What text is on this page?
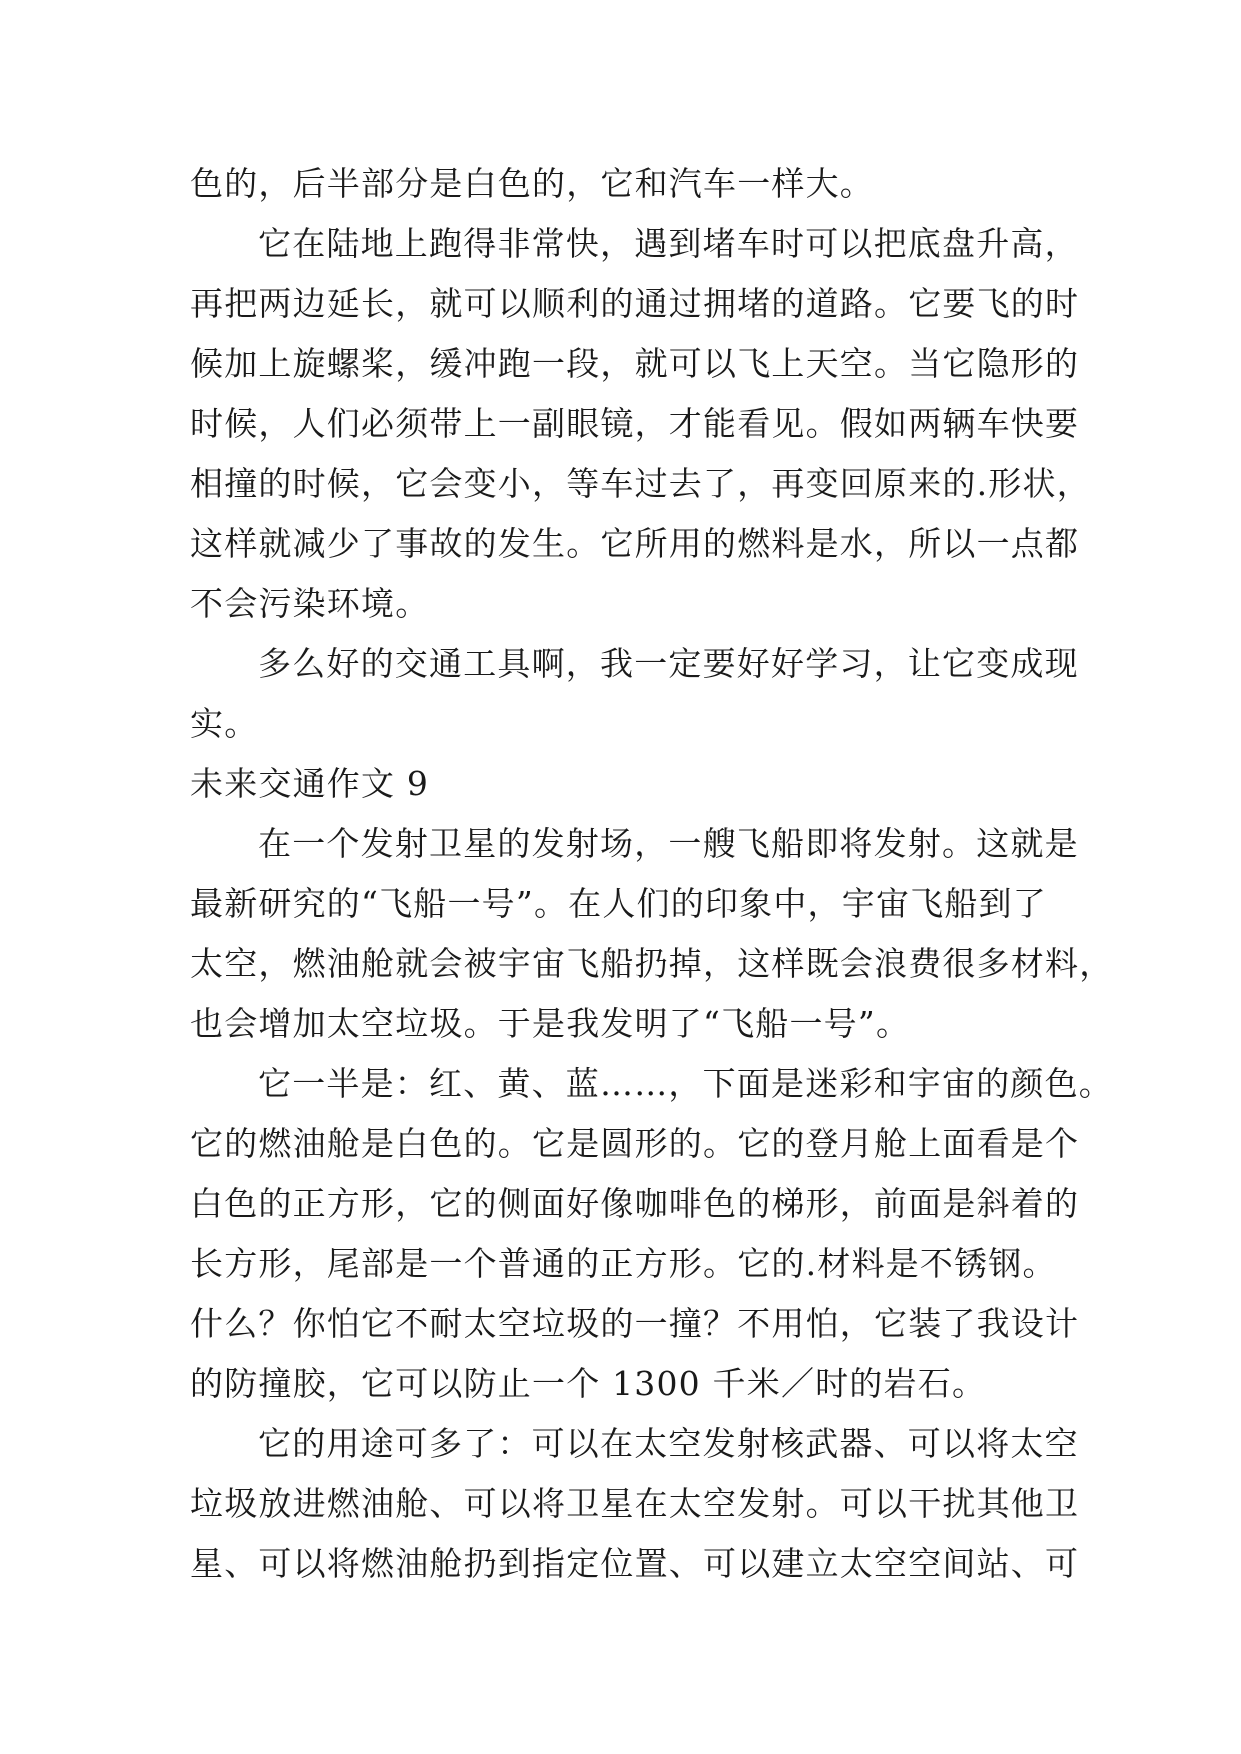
色的，后半部分是白色的，它和汽车一样大。
它在陆地上跑得非常快，遇到堵车时可以把底盘升高，
再把两边延长，就可以顺利的通过拥堵的道路。它要飞的时
候加上旋螺桨，缓冲跑一段，就可以飞上天空。当它隐形的
时候，人们必须带上一副眼镜，才能看见。假如两辆车快要
相撞的时候，它会变小，等车过去了，再变回原来的.形状，
这样就减少了事故的发生。它所用的燃料是水，所以一点都
不会污染环境。
多么好的交通工具啊，我一定要好好学习，让它变成现
实。
未来交通作文 9
在一个发射卫星的发射场，一艘飞船即将发射。这就是
最新研究的“飞船一号”。在人们的印象中，宇宙飞船到了
太空，燃油舱就会被宇宙飞船扔掉，这样既会浪费很多材料，
也会增加太空垃圾。于是我发明了“飞船一号”。
它一半是：红、黄、蓝……，下面是迷彩和宇宙的颜色。
它的燃油舱是白色的。它是圆形的。它的登月舱上面看是个
白色的正方形，它的侧面好像咖啡色的梯形，前面是斜着的
长方形，尾部是一个普通的正方形。它的.材料是不锈钢。
什么？你怕它不耐太空垃圾的一撞？不用怕，它装了我设计
的防撞胶，它可以防止一个 1300 千米／时的岩石。
它的用途可多了：可以在太空发射核武器、可以将太空
垃圾放进燃油舱、可以将卫星在太空发射。可以干扰其他卫
星、可以将燃油舱扔到指定位置、可以建立太空空间站、可
